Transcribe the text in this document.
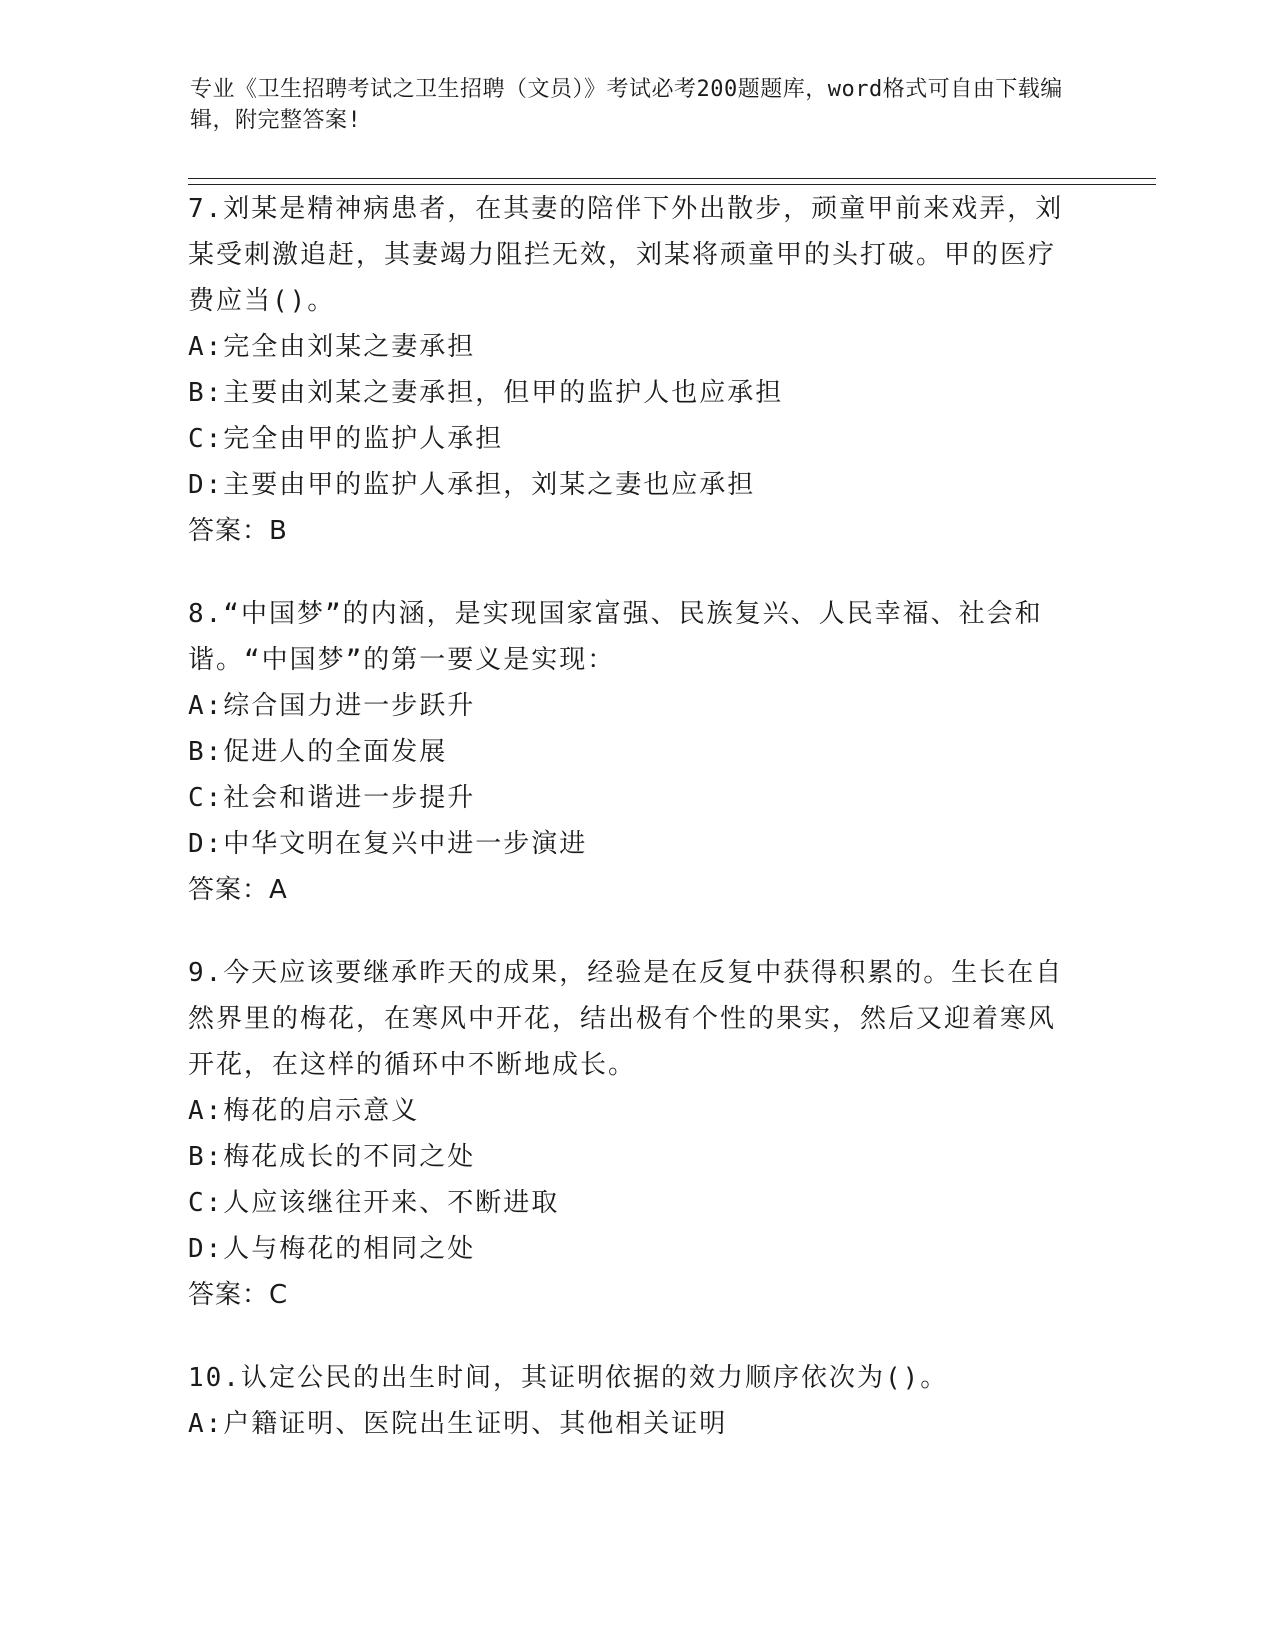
专业《卫生招聘考试之卫生招聘（文员）》考试必考200题题库，word格式可自由下载编辑，附完整答案!

7.刘某是精神病患者，在其妻的陪伴下外出散步，顽童甲前来戏弄，刘某受刺激追赶，其妻竭力阻拦无效，刘某将顽童甲的头打破。甲的医疗费应当()。

A:完全由刘某之妻承担

B:主要由刘某之妻承担，但甲的监护人也应承担

C:完全由甲的监护人承担

D:主要由甲的监护人承担，刘某之妻也应承担

答案：B

8.“中国梦”的内涵，是实现国家富强、民族复兴、人民幸福、社会和谐。“中国梦”的第一要义是实现：

A:综合国力进一步跃升

B:促进人的全面发展

C:社会和谐进一步提升

D:中华文明在复兴中进一步演进

答案：A

9.今天应该要继承昨天的成果，经验是在反复中获得积累的。生长在自然界里的梅花，在寒风中开花，结出极有个性的果实，然后又迎着寒风开花，在这样的循环中不断地成长。

A:梅花的启示意义

B:梅花成长的不同之处

C:人应该继往开来、不断进取

D:人与梅花的相同之处

答案：C

10.认定公民的出生时间，其证明依据的效力顺序依次为()。

A:户籍证明、医院出生证明、其他相关证明
